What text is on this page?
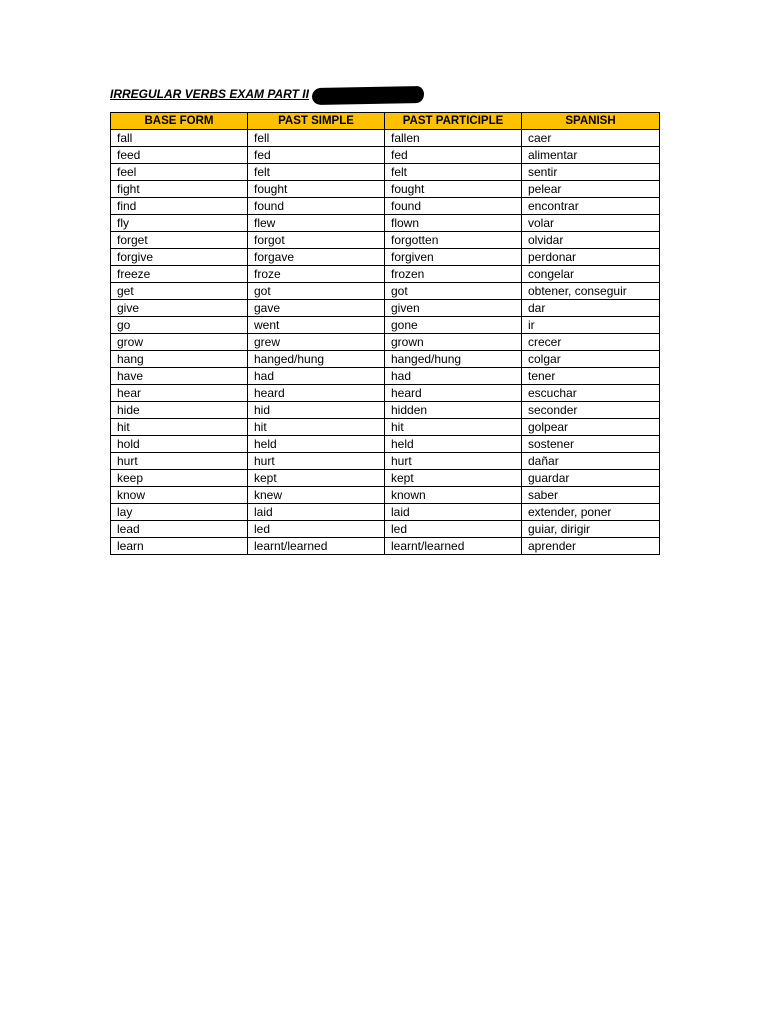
IRREGULAR VERBS EXAM PART II
BASE FORM	PAST SIMPLE	PAST PARTICIPLE	SPANISH
fall	fell	fallen	caer
feed	fed	fed	alimentar
feel	felt	felt	sentir
fight	fought	fought	pelear
find	found	found	encontrar
fly	flew	flown	volar
forget	forgot	forgotten	olvidar
forgive	forgave	forgiven	perdonar
freeze	froze	frozen	congelar
get	got	got	obtener, conseguir
give	gave	given	dar
go	went	gone	ir
grow	grew	grown	crecer
hang	hanged/hung	hanged/hung	colgar
have	had	had	tener
hear	heard	heard	escuchar
hide	hid	hidden	seconder
hit	hit	hit	golpear
hold	held	held	sostener
hurt	hurt	hurt	dañar
keep	kept	kept	guardar
know	knew	known	saber
lay	laid	laid	extender, poner
lead	led	led	guiar, dirigir
learn	learnt/learned	learnt/learned	aprender
